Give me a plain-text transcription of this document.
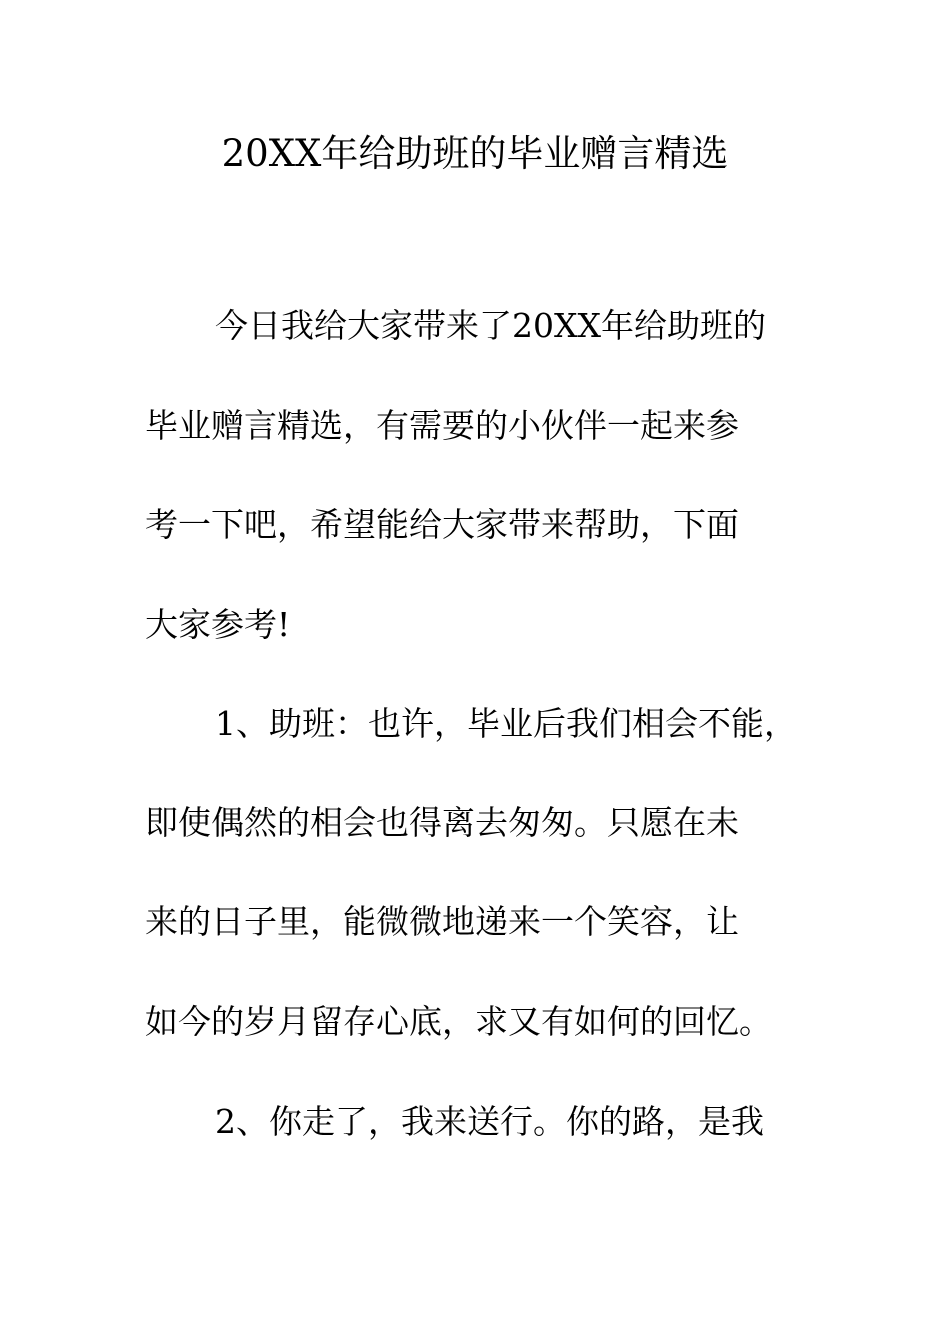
20XX年给助班的毕业赠言精选

今日我给大家带来了20XX年给助班的

毕业赠言精选，有需要的小伙伴一起来参

考一下吧，希望能给大家带来帮助，下面

大家参考!

1、助班：也许，毕业后我们相会不能，

即使偶然的相会也得离去匆匆。只愿在未

来的日子里，能微微地递来一个笑容，让

如今的岁月留存心底，求又有如何的回忆。

2、你走了，我来送行。你的路，是我
